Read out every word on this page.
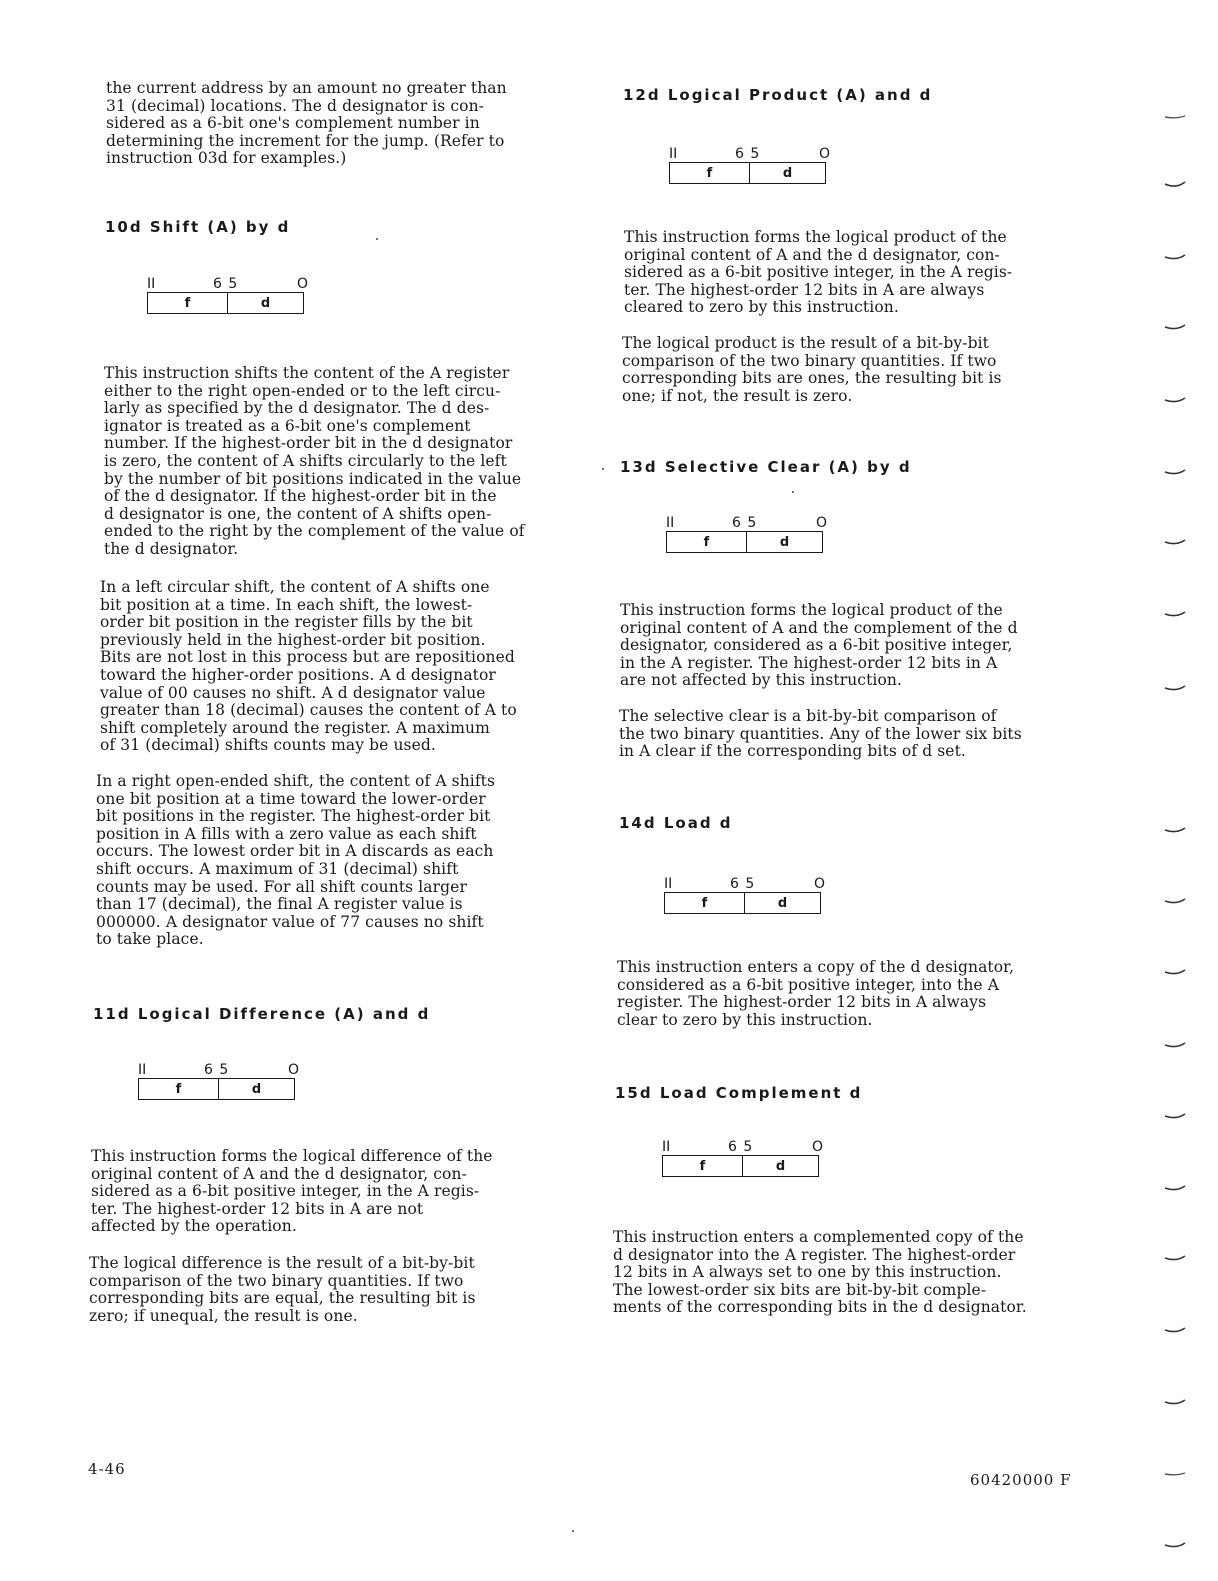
the current address by an amount no greater than
31 (decimal) locations. The d designator is con-
sidered as a 6-bit one's complement number in
determining the increment for the jump. (Refer to
instruction 03d for examples.)

10d Shift (A) by d
II	6 5	O
f	d

This instruction shifts the content of the A register
either to the right open-ended or to the left circu-
larly as specified by the d designator. The d des-
ignator is treated as a 6-bit one's complement
number. If the highest-order bit in the d designator
is zero, the content of A shifts circularly to the left
by the number of bit positions indicated in the value
of the d designator. If the highest-order bit in the
d designator is one, the content of A shifts open-
ended to the right by the complement of the value of
the d designator.

In a left circular shift, the content of A shifts one
bit position at a time. In each shift, the lowest-
order bit position in the register fills by the bit
previously held in the highest-order bit position.
Bits are not lost in this process but are repositioned
toward the higher-order positions. A d designator
value of 00 causes no shift. A d designator value
greater than 18 (decimal) causes the content of A to
shift completely around the register. A maximum
of 31 (decimal) shifts counts may be used.

In a right open-ended shift, the content of A shifts
one bit position at a time toward the lower-order
bit positions in the register. The highest-order bit
position in A fills with a zero value as each shift
occurs. The lowest order bit in A discards as each
shift occurs. A maximum of 31 (decimal) shift
counts may be used. For all shift counts larger
than 17 (decimal), the final A register value is
000000. A designator value of 77 causes no shift
to take place.

11d Logical Difference (A) and d
II	6 5	O
f	d

This instruction forms the logical difference of the
original content of A and the d designator, con-
sidered as a 6-bit positive integer, in the A regis-
ter. The highest-order 12 bits in A are not
affected by the operation.

The logical difference is the result of a bit-by-bit
comparison of the two binary quantities. If two
corresponding bits are equal, the resulting bit is
zero; if unequal, the result is one.

12d Logical Product (A) and d
II	6 5	O
f	d

This instruction forms the logical product of the
original content of A and the d designator, con-
sidered as a 6-bit positive integer, in the A regis-
ter. The highest-order 12 bits in A are always
cleared to zero by this instruction.

The logical product is the result of a bit-by-bit
comparison of the two binary quantities. If two
corresponding bits are ones, the resulting bit is
one; if not, the result is zero.

13d Selective Clear (A) by d
II	6 5	O
f	d

This instruction forms the logical product of the
original content of A and the complement of the d
designator, considered as a 6-bit positive integer,
in the A register. The highest-order 12 bits in A
are not affected by this instruction.

The selective clear is a bit-by-bit comparison of
the two binary quantities. Any of the lower six bits
in A clear if the corresponding bits of d set.

14d Load d
II	6 5	O
f	d

This instruction enters a copy of the d designator,
considered as a 6-bit positive integer, into the A
register. The highest-order 12 bits in A always
clear to zero by this instruction.

15d Load Complement d
II	6 5	O
f	d

This instruction enters a complemented copy of the
d designator into the A register. The highest-order
12 bits in A always set to one by this instruction.
The lowest-order six bits are bit-by-bit comple-
ments of the corresponding bits in the d designator.

4-46
60420000 F
